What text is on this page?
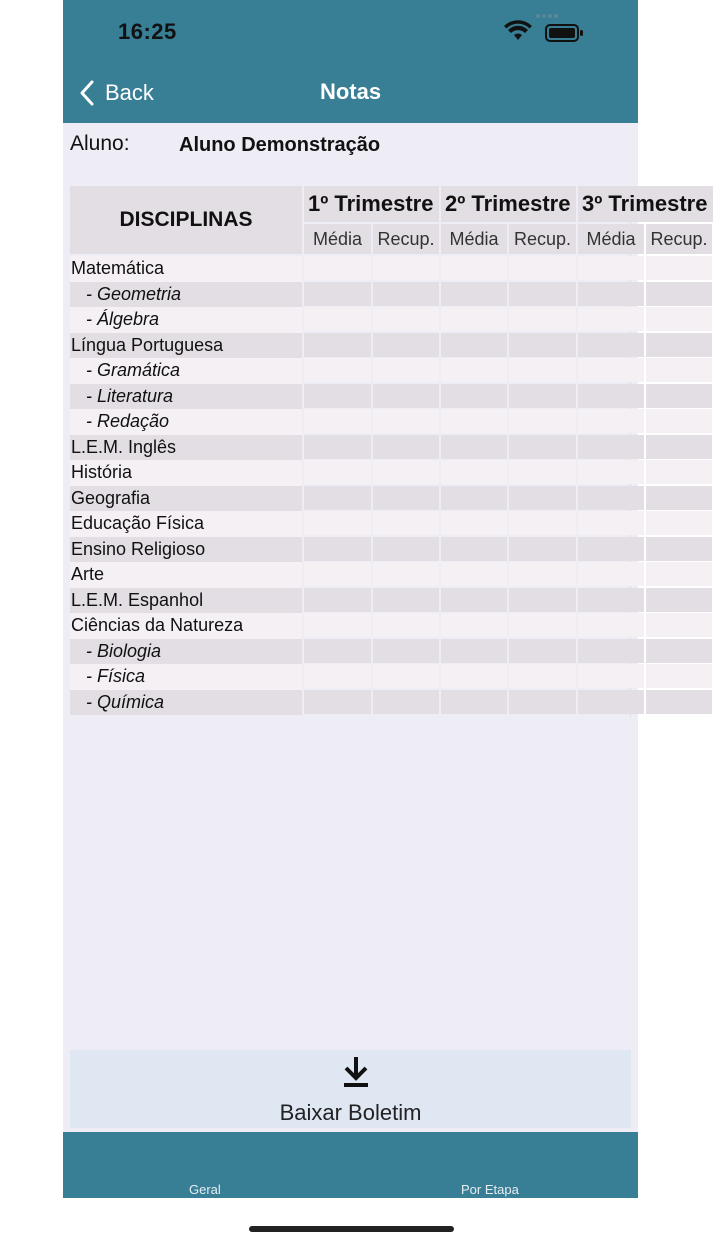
16:25
Back	Notas
Aluno: Aluno Demonstração
DISCIPLINAS
Matemática
- Geometria
- Álgebra
Língua Portuguesa
- Gramática
- Literatura
- Redação
L.E.M. Inglês
História
Geografia
Educação Física
Ensino Religioso
Arte
L.E.M. Espanhol
Ciências da Natureza
- Biologia
- Física
- Química
1º Trimestre 2º Trimestre 3º Trimestre
Média Recup. Média Recup. Média Recup.
Baixar Boletim
Geral	Por Etapa
